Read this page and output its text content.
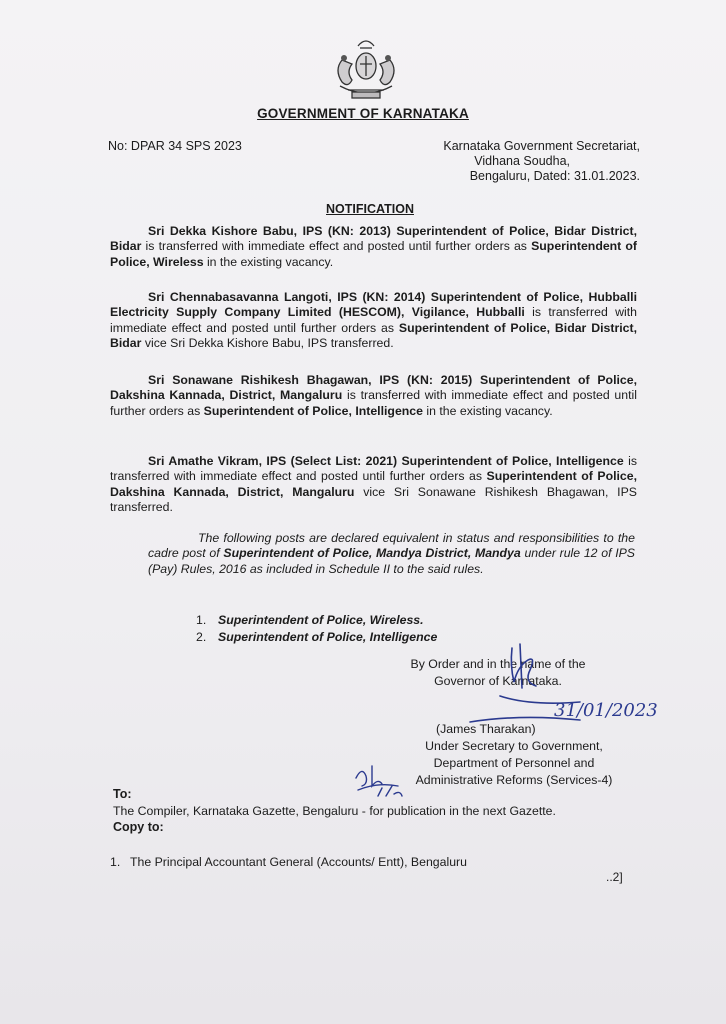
GOVERNMENT OF KARNATAKA
No: DPAR 34 SPS 2023	Karnataka Government Secretariat,
Vidhana Soudha,
Bengaluru, Dated: 31.01.2023.
NOTIFICATION
Sri Dekka Kishore Babu, IPS (KN: 2013) Superintendent of Police, Bidar District, Bidar is transferred with immediate effect and posted until further orders as Superintendent of Police, Wireless in the existing vacancy.
Sri Chennabasavanna Langoti, IPS (KN: 2014) Superintendent of Police, Hubballi Electricity Supply Company Limited (HESCOM), Vigilance, Hubballi is transferred with immediate effect and posted until further orders as Superintendent of Police, Bidar District, Bidar vice Sri Dekka Kishore Babu, IPS transferred.
Sri Sonawane Rishikesh Bhagawan, IPS (KN: 2015) Superintendent of Police, Dakshina Kannada, District, Mangaluru is transferred with immediate effect and posted until further orders as Superintendent of Police, Intelligence in the existing vacancy.
Sri Amathe Vikram, IPS (Select List: 2021) Superintendent of Police, Intelligence is transferred with immediate effect and posted until further orders as Superintendent of Police, Dakshina Kannada, District, Mangaluru vice Sri Sonawane Rishikesh Bhagawan, IPS transferred.
The following posts are declared equivalent in status and responsibilities to the cadre post of Superintendent of Police, Mandya District, Mandya under rule 12 of IPS (Pay) Rules, 2016 as included in Schedule II to the said rules.
1. Superintendent of Police, Wireless.
2. Superintendent of Police, Intelligence
By Order and in the name of the
Governor of Karnataka.
31/01/2023
(James Tharakan)
Under Secretary to Government,
Department of Personnel and
Administrative Reforms (Services-4)
To:
The Compiler, Karnataka Gazette, Bengaluru - for publication in the next Gazette.
Copy to:
1. The Principal Accountant General (Accounts/ Entt), Bengaluru
..2]
